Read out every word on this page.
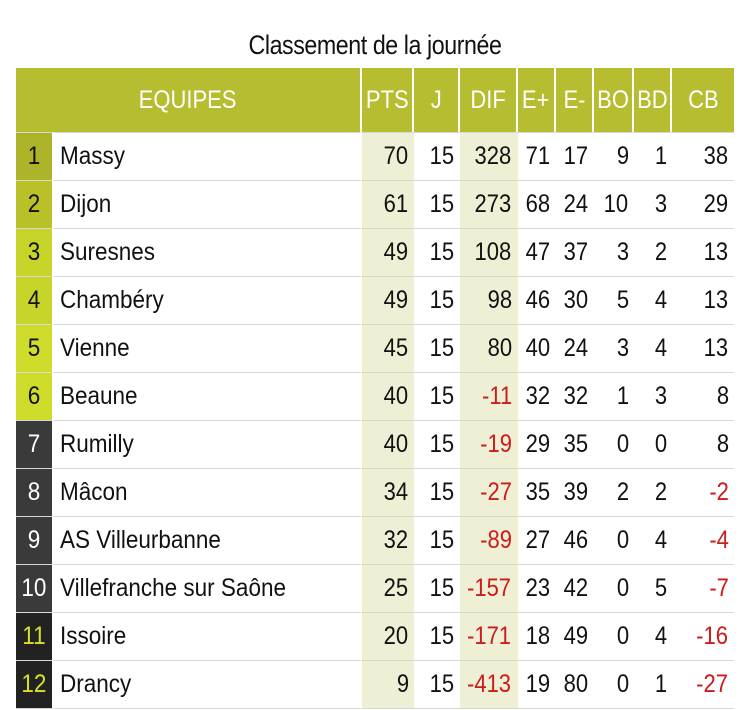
Classement de la journée
EQUIPES		PTS	J	DIF	E+	E-	BO	BD	CB
1	Massy	70	15	328	71	17	9	1	38
2	Dijon	61	15	273	68	24	10	3	29
3	Suresnes	49	15	108	47	37	3	2	13
4	Chambéry	49	15	98	46	30	5	4	13
5	Vienne	45	15	80	40	24	3	4	13
6	Beaune	40	15	-11	32	32	1	3	8
7	Rumilly	40	15	-19	29	35	0	0	8
8	Mâcon	34	15	-27	35	39	2	2	-2
9	AS Villeurbanne	32	15	-89	27	46	0	4	-4
10	Villefranche sur Saône	25	15	-157	23	42	0	5	-7
11	Issoire	20	15	-171	18	49	0	4	-16
12	Drancy	9	15	-413	19	80	0	1	-27
